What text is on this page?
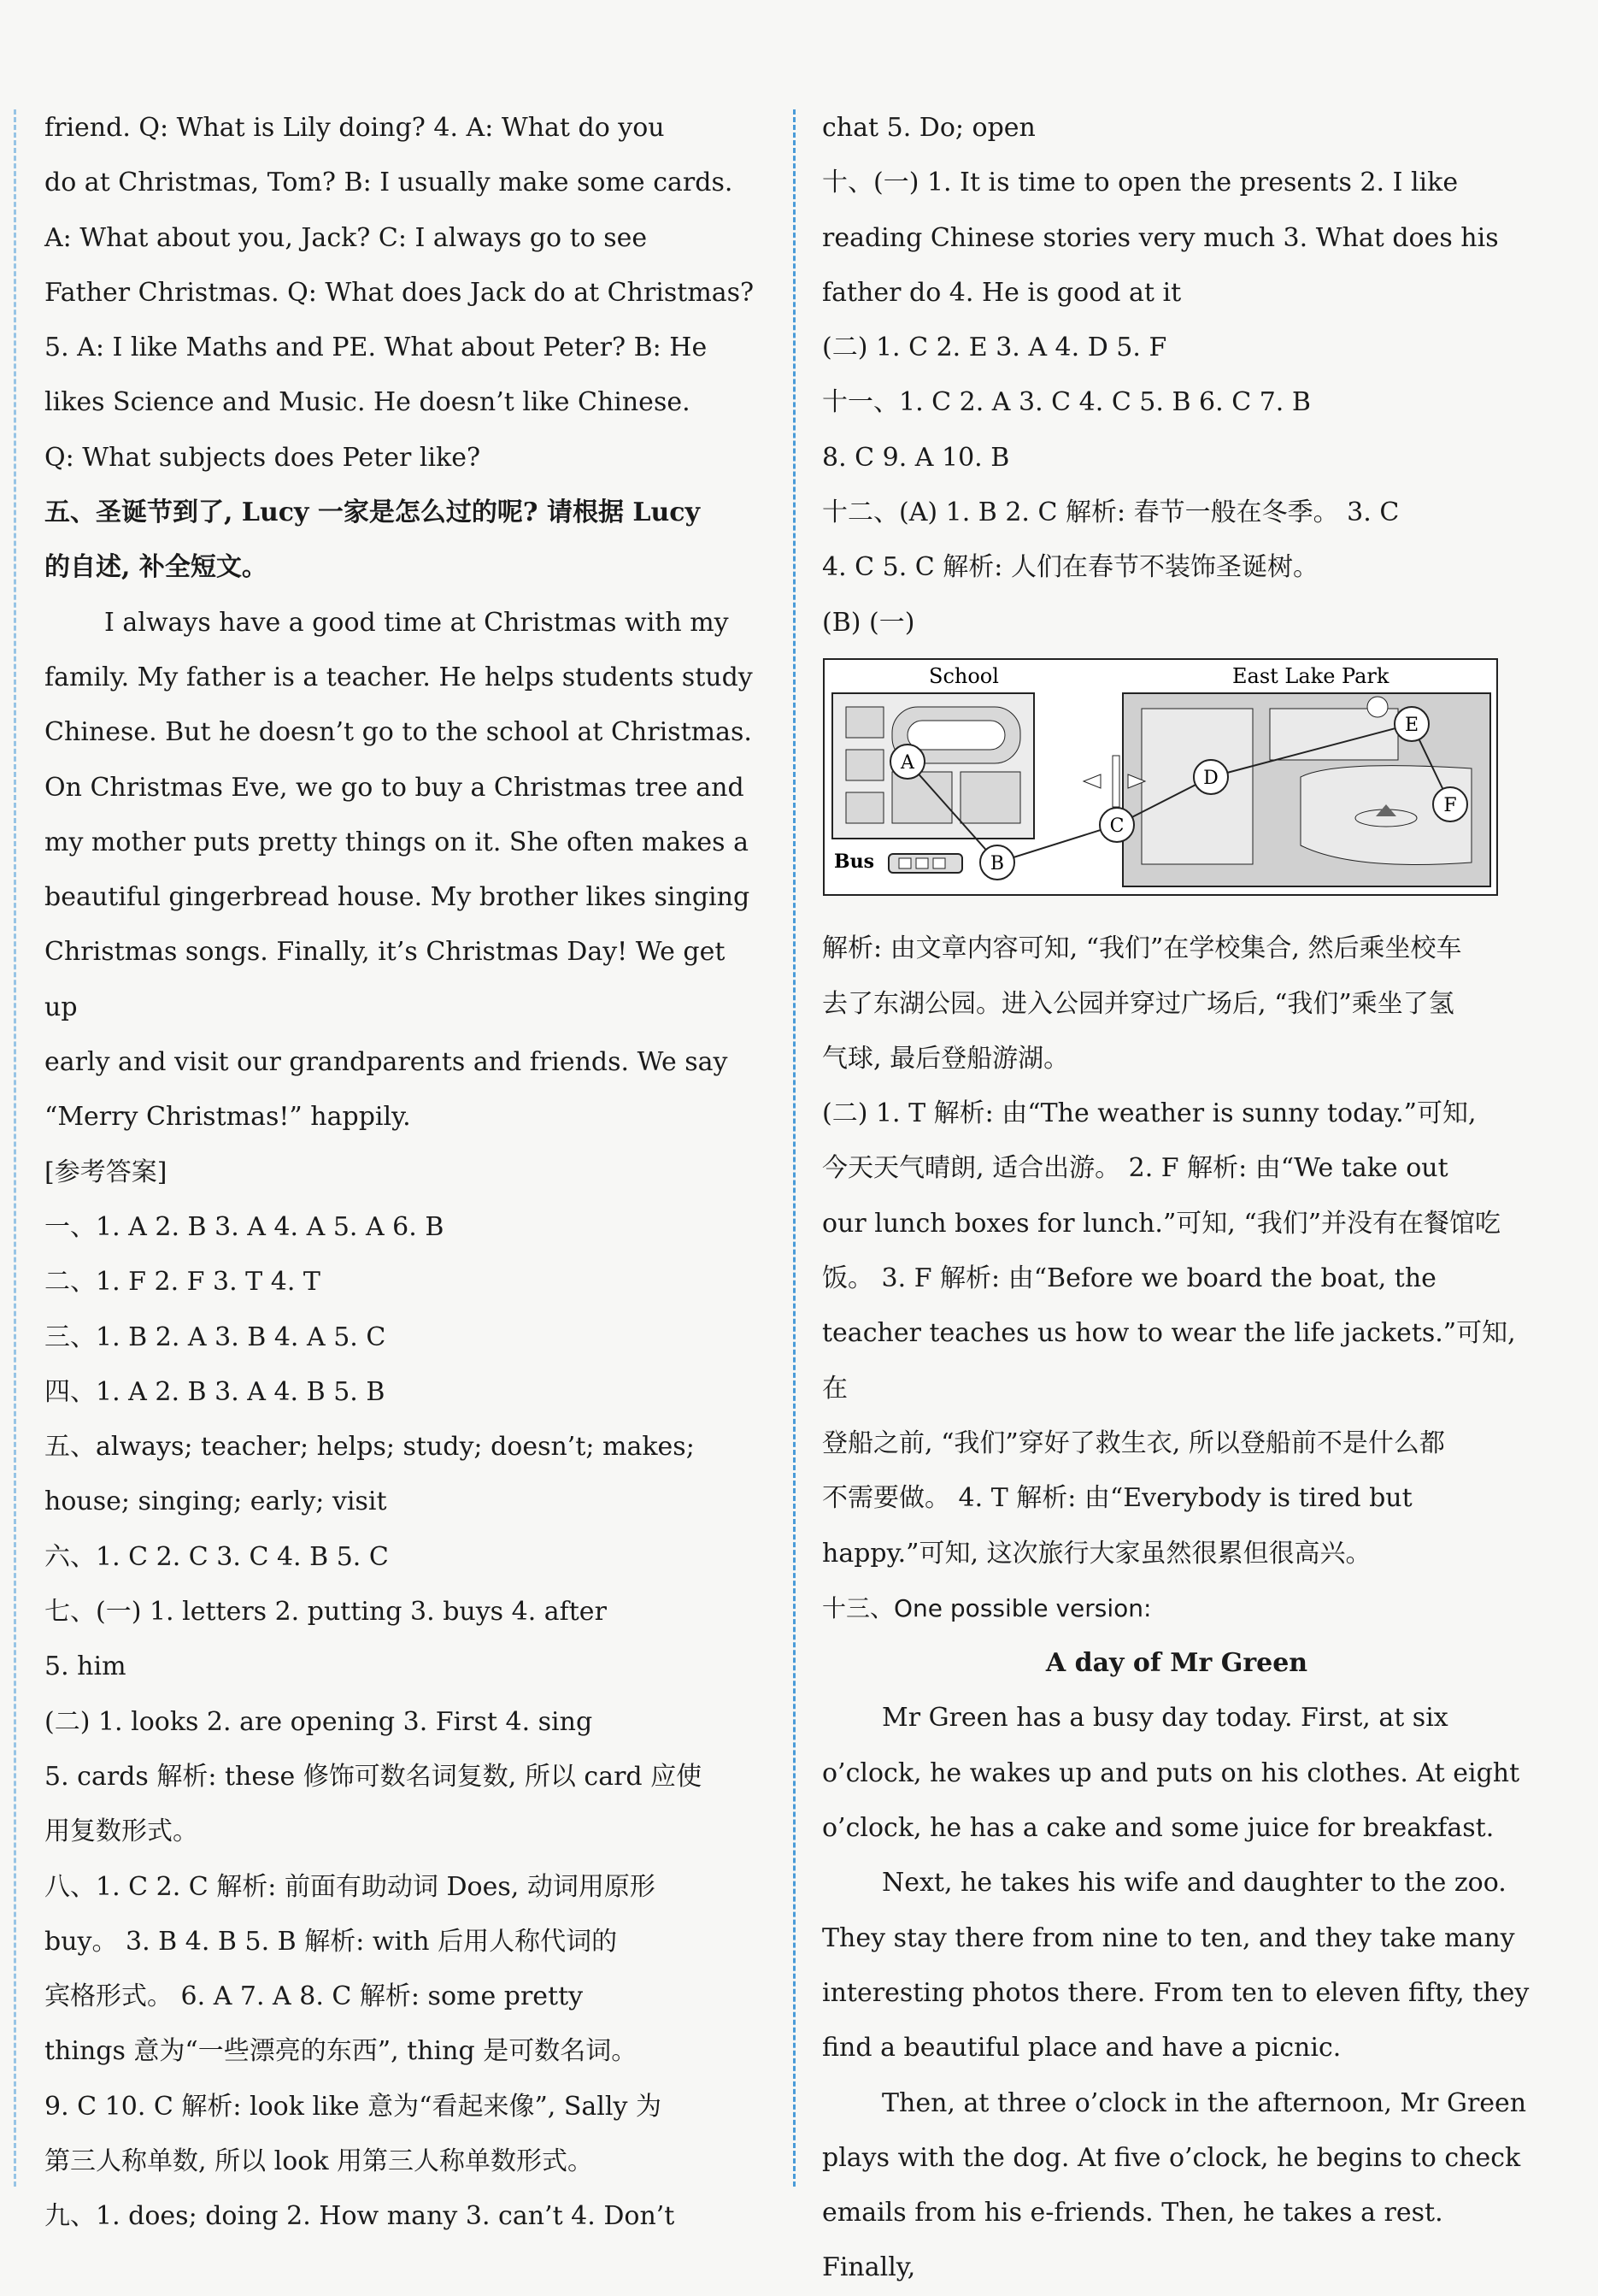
friend. Q: What is Lily doing? 4. A: What do you

do at Christmas, Tom? B: I usually make some cards.

A: What about you, Jack? C: I always go to see

Father Christmas. Q: What does Jack do at Christmas?

5. A: I like Maths and PE. What about Peter? B: He

likes Science and Music. He doesn’t like Chinese.

Q: What subjects does Peter like?

五、圣诞节到了, Lucy 一家是怎么过的呢? 请根据 Lucy

的自述, 补全短文。

I always have a good time at Christmas with my

family. My father is a teacher. He helps students study

Chinese. But he doesn’t go to the school at Christmas.

On Christmas Eve, we go to buy a Christmas tree and

my mother puts pretty things on it. She often makes a

beautiful gingerbread house. My brother likes singing

Christmas songs. Finally, it’s Christmas Day! We get up

early and visit our grandparents and friends. We say

“Merry Christmas!” happily.

[参考答案]

一、1. A 2. B 3. A 4. A 5. A 6. B

二、1. F 2. F 3. T 4. T

三、1. B 2. A 3. B 4. A 5. C

四、1. A 2. B 3. A 4. B 5. B

五、always; teacher; helps; study; doesn’t; makes;

house; singing; early; visit

六、1. C 2. C 3. C 4. B 5. C

七、(一) 1. letters 2. putting 3. buys 4. after

5. him

(二) 1. looks 2. are opening 3. First 4. sing

5. cards 解析: these 修饰可数名词复数, 所以 card 应使

用复数形式。

八、1. C 2. C 解析: 前面有助动词 Does, 动词用原形

buy。 3. B 4. B 5. B 解析: with 后用人称代词的

宾格形式。 6. A 7. A 8. C 解析: some pretty

things 意为“一些漂亮的东西”, thing 是可数名词。

9. C 10. C 解析: look like 意为“看起来像”, Sally 为

第三人称单数, 所以 look 用第三人称单数形式。

九、1. does; doing 2. How many 3. can’t 4. Don’t

chat 5. Do; open

十、(一) 1. It is time to open the presents 2. I like

reading Chinese stories very much 3. What does his

father do 4. He is good at it

(二) 1. C 2. E 3. A 4. D 5. F

十一、1. C 2. A 3. C 4. C 5. B 6. C 7. B

8. C 9. A 10. B

十二、(A) 1. B 2. C 解析: 春节一般在冬季。 3. C

4. C 5. C 解析: 人们在春节不装饰圣诞树。

(B) (一)

School
Bus
East Lake Park
A
B
C
D
E
F

解析: 由文章内容可知, “我们”在学校集合, 然后乘坐校车

去了东湖公园。进入公园并穿过广场后, “我们”乘坐了氢

气球, 最后登船游湖。

(二) 1. T 解析: 由“The weather is sunny today.”可知,

今天天气晴朗, 适合出游。 2. F 解析: 由“We take out

our lunch boxes for lunch.”可知, “我们”并没有在餐馆吃

饭。 3. F 解析: 由“Before we board the boat, the

teacher teaches us how to wear the life jackets.”可知, 在

登船之前, “我们”穿好了救生衣, 所以登船前不是什么都

不需要做。 4. T 解析: 由“Everybody is tired but

happy.”可知, 这次旅行大家虽然很累但很高兴。

十三、One possible version:

A day of Mr Green

Mr Green has a busy day today. First, at six

o’clock, he wakes up and puts on his clothes. At eight

o’clock, he has a cake and some juice for breakfast.

Next, he takes his wife and daughter to the zoo.

They stay there from nine to ten, and they take many

interesting photos there. From ten to eleven fifty, they

find a beautiful place and have a picnic.

Then, at three o’clock in the afternoon, Mr Green

plays with the dog. At five o’clock, he begins to check

emails from his e-friends. Then, he takes a rest. Finally,
